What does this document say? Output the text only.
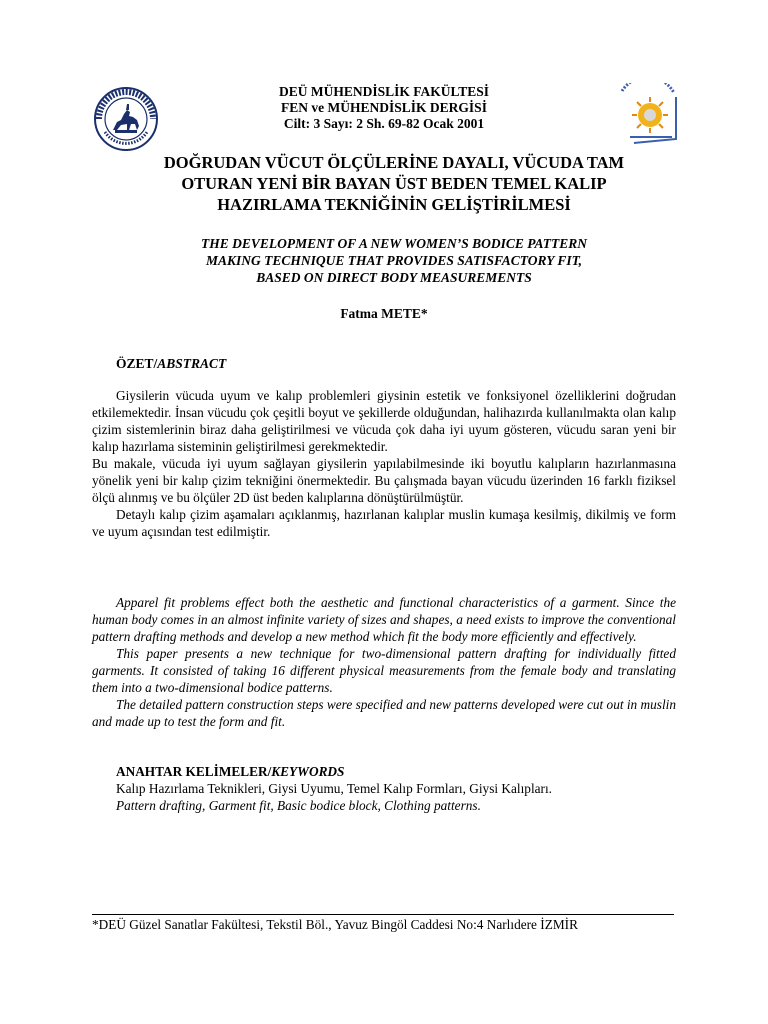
DEÜ MÜHENDİSLİK FAKÜLTESİ
FEN ve MÜHENDİSLİK DERGİSİ
Cilt: 3 Sayı: 2 Sh. 69-82 Ocak 2001
DOĞRUDAN VÜCUT ÖLÇÜLERİNE DAYALI, VÜCUDA TAM
OTURAN YENİ BİR BAYAN ÜST BEDEN TEMEL KALIP
HAZIRLAMA TEKNİĞİNİN GELİŞTİRİLMESİ
THE DEVELOPMENT OF A NEW WOMEN’S BODICE PATTERN
MAKING TECHNIQUE THAT PROVIDES SATISFACTORY FIT,
BASED ON DIRECT BODY MEASUREMENTS
Fatma METE*
ÖZET/ABSTRACT

Giysilerin vücuda uyum ve kalıp problemleri giysinin estetik ve fonksiyonel özelliklerini doğrudan etkilemektedir. İnsan vücudu çok çeşitli boyut ve şekillerde olduğundan, halihazırda kullanılmakta olan kalıp çizim sistemlerinin biraz daha geliştirilmesi ve vücuda çok daha iyi uyum gösteren, vücudu saran yeni bir kalıp hazırlama sisteminin geliştirilmesi gerekmektedir.

Bu makale, vücuda iyi uyum sağlayan giysilerin yapılabilmesinde iki boyutlu kalıpların hazırlanmasına yönelik yeni bir kalıp çizim tekniğini önermektedir. Bu çalışmada bayan vücudu üzerinden 16 farklı fiziksel ölçü alınmış ve bu ölçüler 2D üst beden kalıplarına dönüştürülmüştür.

Detaylı kalıp çizim aşamaları açıklanmış, hazırlanan kalıplar muslin kumaşa kesilmiş, dikilmiş ve form ve uyum açısından test edilmiştir.

Apparel fit problems effect both the aesthetic and functional characteristics of a garment. Since the human body comes in an almost infinite variety of sizes and shapes, a need exists to improve the conventional pattern drafting methods and develop a new method which fit the body more efficiently and effectively.

This paper presents a new technique for two-dimensional pattern drafting for individually fitted garments. It consisted of taking 16 different physical measurements from the female body and translating them into a two-dimensional bodice patterns.

The detailed pattern construction steps were specified and new patterns developed were cut out in muslin and made up to test the form and fit.

ANAHTAR KELİMELER/KEYWORDS
Kalıp Hazırlama Teknikleri, Giysi Uyumu, Temel Kalıp Formları, Giysi Kalıpları.
Pattern drafting, Garment fit, Basic bodice block, Clothing patterns.
*DEÜ Güzel Sanatlar Fakültesi, Tekstil Böl., Yavuz Bingöl Caddesi No:4 Narlıdere İZMİR
